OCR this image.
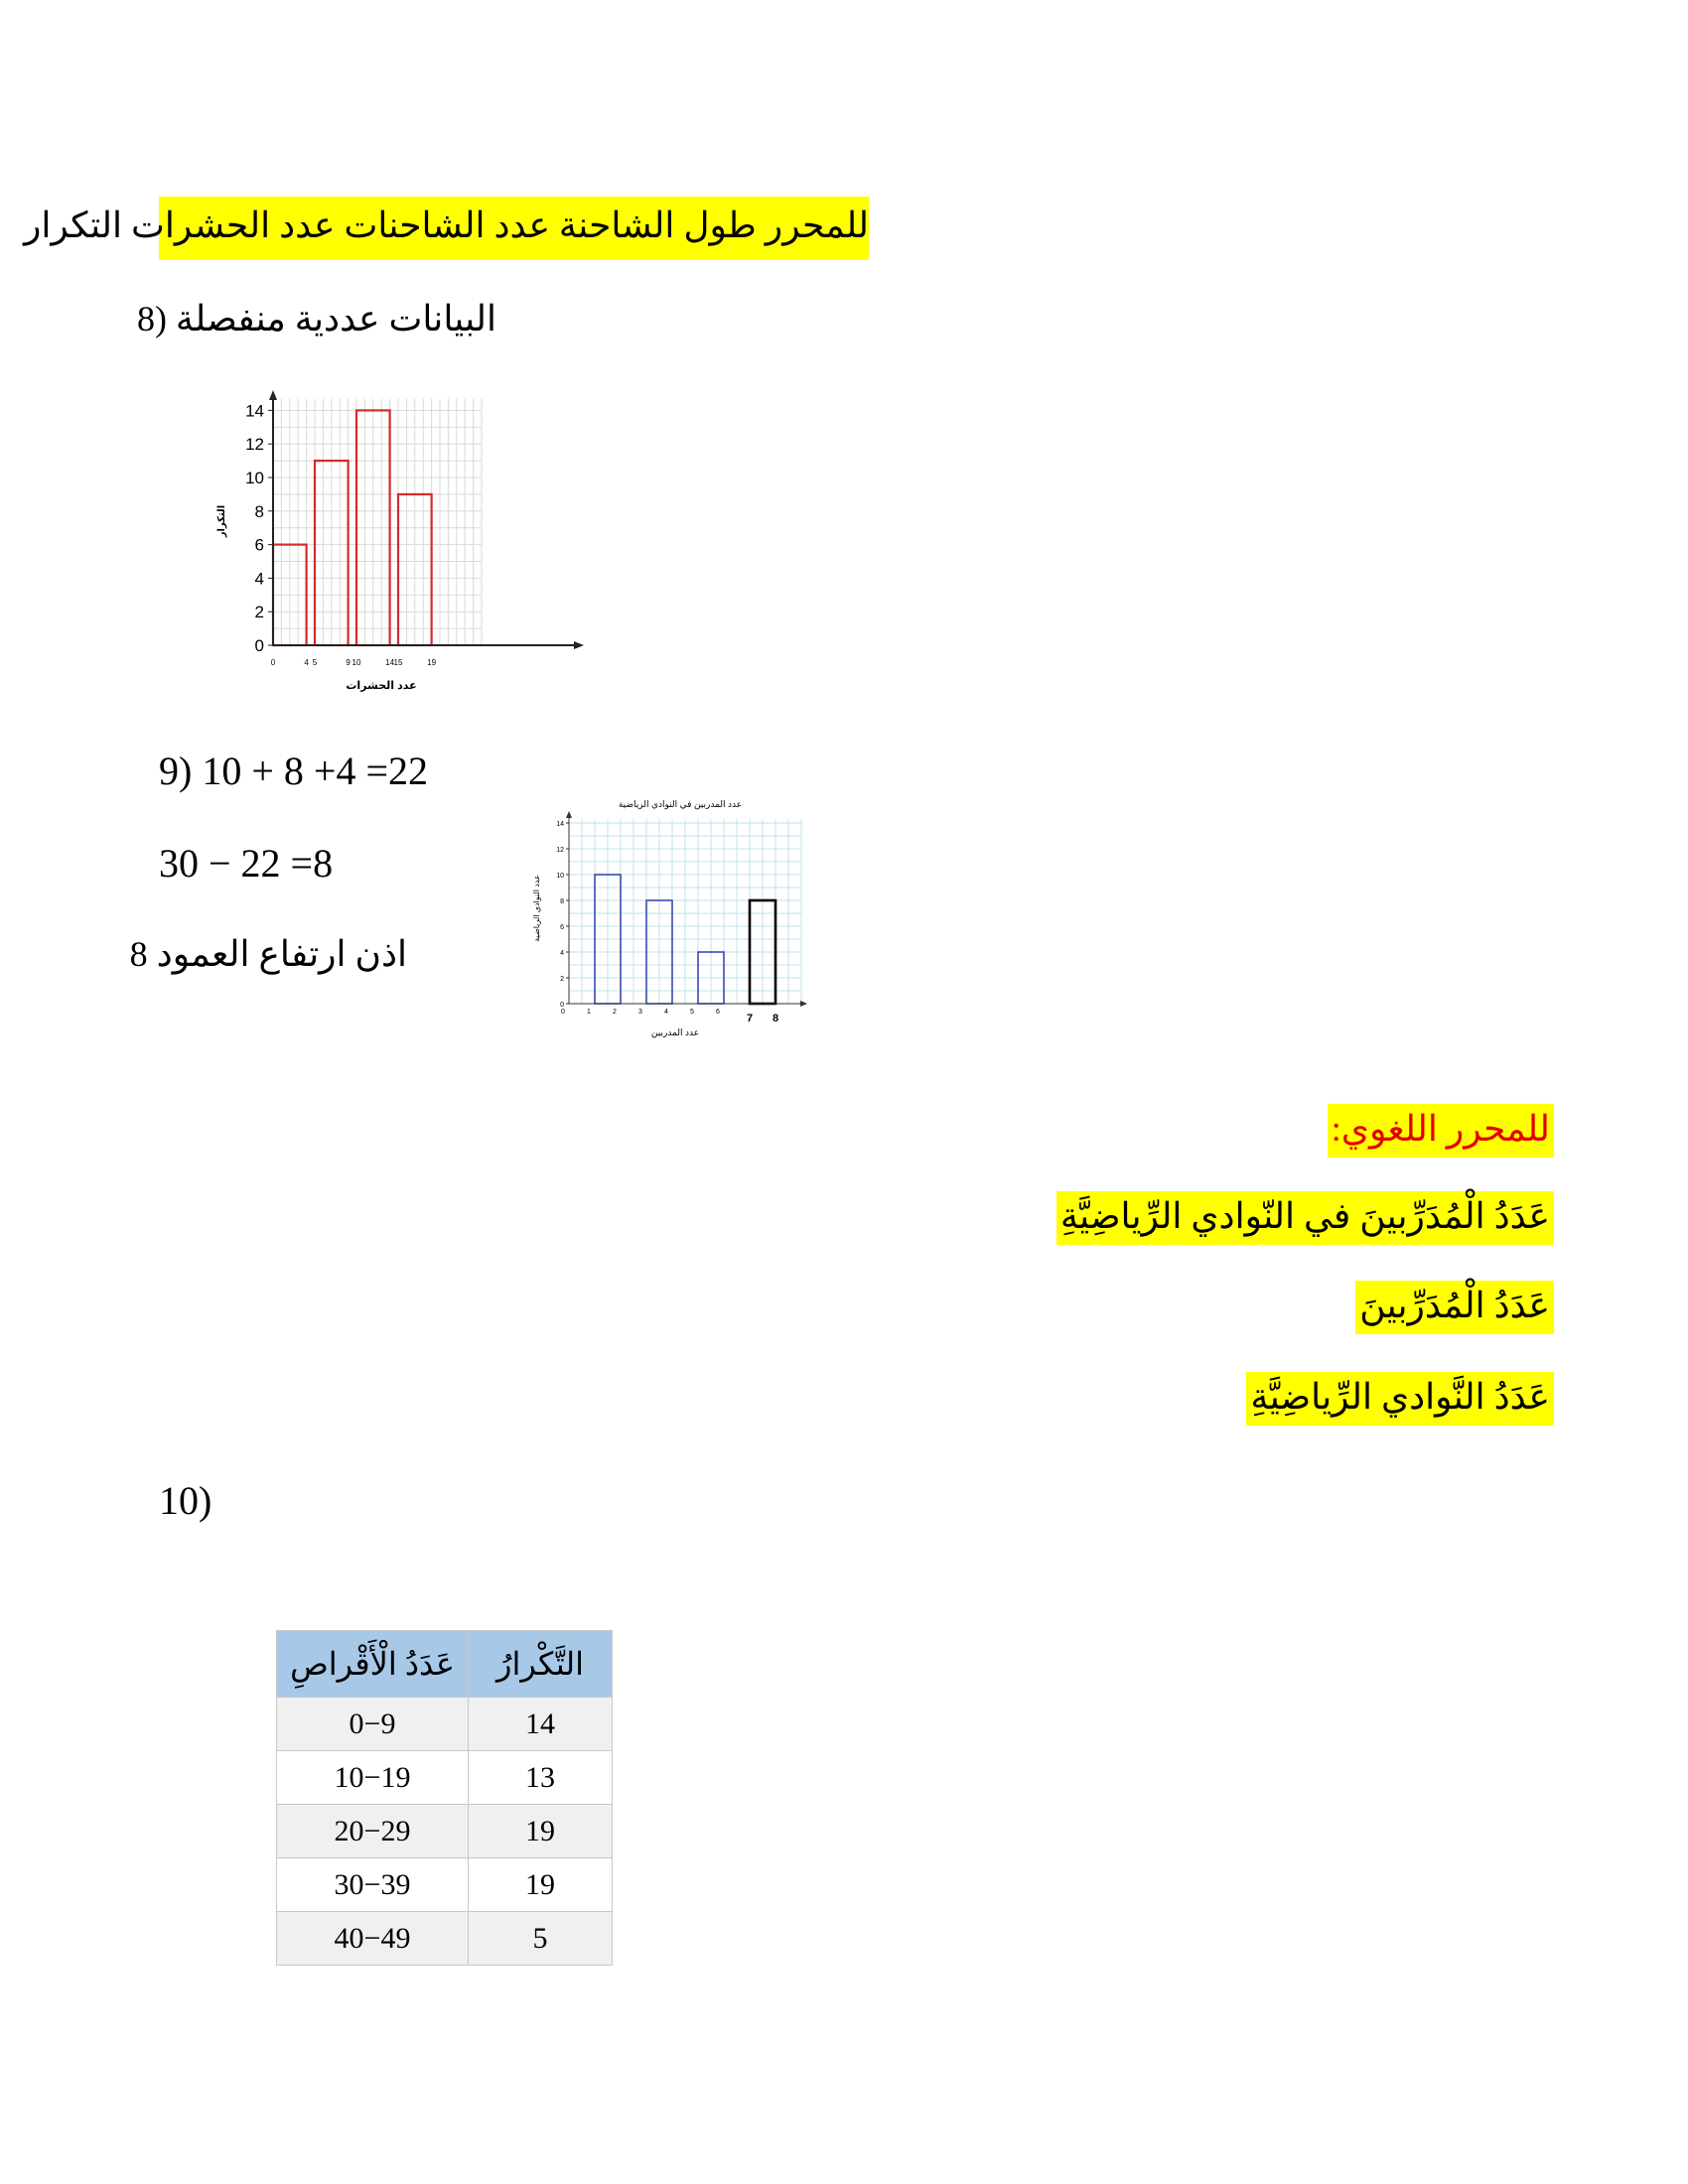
للمحرر طول الشاحنة عدد الشاحنات عدد الحشرات التكرار
البيانات عددية منفصلة (8
0
2
4
6
8
10
12
14
0	4 5	9 10	14 15	19
عدد الحشرات
التكرار
9) 10 + 8 +4 =22
30 − 22 =8
اذن ارتفاع العمود 8
عدد المدربين في النوادي الرياضية
0
2
4
6
8
10
12
14
0	1	2	3	4	5	6
7 8
عدد المدربين
عدد النوادي الرياضية
للمحرر اللغوي:
عَدَدُ الْمُدَرِّبينَ في النّوادي الرِّياضِيَّةِ
عَدَدُ الْمُدَرِّبينَ
عَدَدُ النَّوادي الرِّياضِيَّةِ
10)
عَدَدُ الْأَقْراصِ	التَّكْرارُ
0−9	14
10−19	13
20−29	19
30−39	19
40−49	5
